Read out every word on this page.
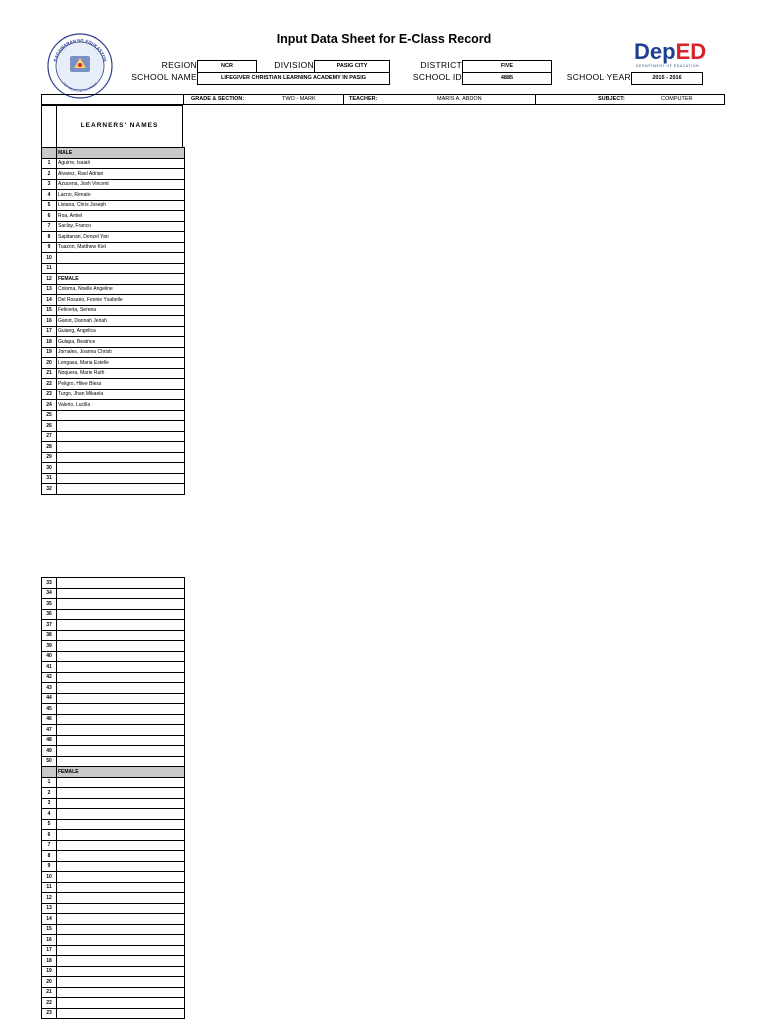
KAGAWARAN NG EDUKASYON
REPUBLIKA NG PILIPINAS
Input Data Sheet for E-Class Record	DepED
DEPARTMENT OF EDUCATION
REGION	NCR	DIVISION	PASIG CITY	DISTRICT	FIVE
SCHOOL NAME	LIFEGIVER CHRISTIAN LEARNING ACADEMY IN PASIG	SCHOOL ID	4885	SCHOOL YEAR	2015 - 2016
GRADE & SECTION:	TWO - MARK	TEACHER:	MARIS A. ABDON	SUBJECT:	COMPUTER
LEARNERS' NAMES
	MALE
1	Aguirre, Isaiah
2	Alvarez, Rael Adrian
3	Azucena, Josh Vincent
4	Lacno, Renato
5	Listana, Chris Joseph
6	Roa, Amiel
7	Saclay, Franco
8	Sapitanan, Denzel Yan
9	Tuazon, Matthew Kiel
10	
11	
12	FEMALE
13	Coloma, Noelle Angeline
14	Del Rosario, Feonie Ysabelle
15	Felicerta, Serena
16	Ganot, Dannah Jeriah
17	Guiang, Angelica
18	Gulapa, Beatrice
19	Jornales, Joanna Christi
20	Longasa, Maria Estelle
21	Noquera, Marie Ruth
22	Peligro, Hilee Bless
23	Turgo, Jhan Mikaela
24	Valerio, Lucilla
25	
26	
27	
28	
29	
30	
31	
32	
33	
34	
35	
36	
37	
38	
39	
40	
41	
42	
43	
44	
45	
46	
47	
48	
49	
50	
	FEMALE
1	
2	
3	
4	
5	
6	
7	
8	
9	
10	
11	
12	
13	
14	
15	
16	
17	
18	
19	
20	
21	
22	
23	
